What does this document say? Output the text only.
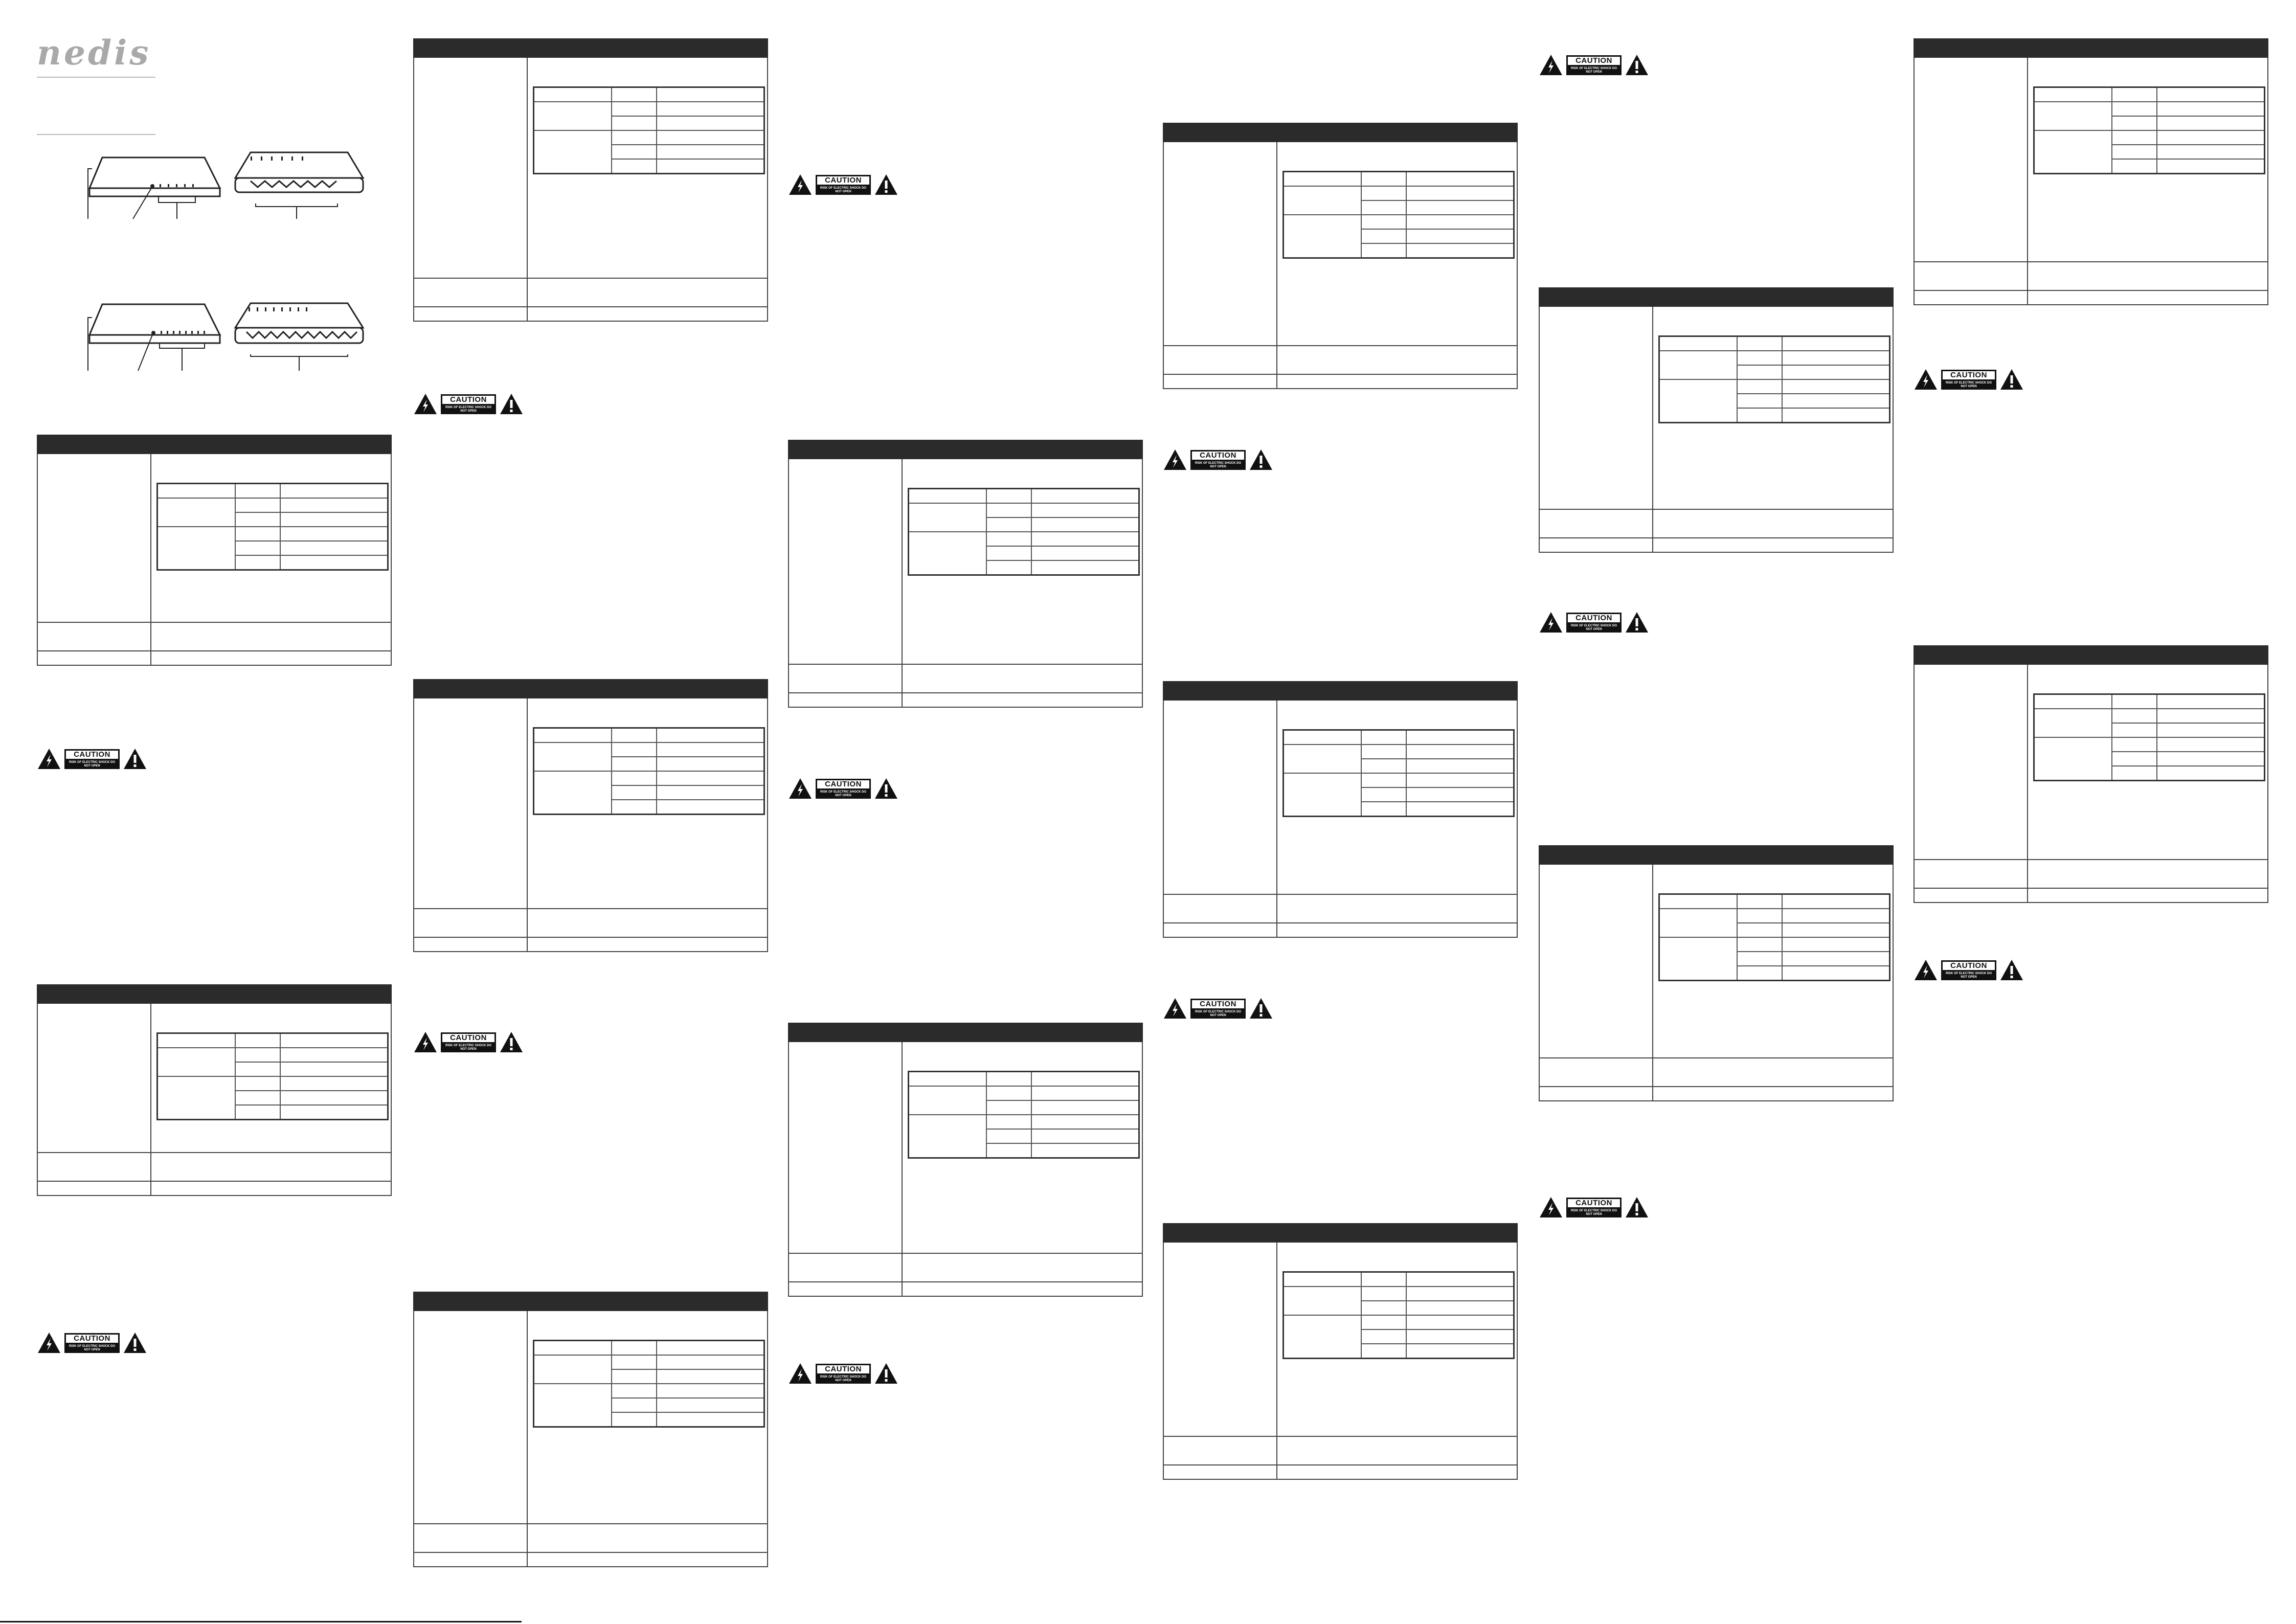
nedis

CAUTION
RISK OF ELECTRIC SHOCK DO NOT OPEN
CAUTION
RISK OF ELECTRIC SHOCK DO NOT OPEN
CAUTION
RISK OF ELECTRIC SHOCK DO NOT OPEN
CAUTION
RISK OF ELECTRIC SHOCK DO NOT OPEN
CAUTION
RISK OF ELECTRIC SHOCK DO NOT OPEN
CAUTION
RISK OF ELECTRIC SHOCK DO NOT OPEN
CAUTION
RISK OF ELECTRIC SHOCK DO NOT OPEN
CAUTION
RISK OF ELECTRIC SHOCK DO NOT OPEN
CAUTION
RISK OF ELECTRIC SHOCK DO NOT OPEN
CAUTION
RISK OF ELECTRIC SHOCK DO NOT OPEN
CAUTION
RISK OF ELECTRIC SHOCK DO NOT OPEN
CAUTION
RISK OF ELECTRIC SHOCK DO NOT OPEN
CAUTION
RISK OF ELECTRIC SHOCK DO NOT OPEN
CAUTION
RISK OF ELECTRIC SHOCK DO NOT OPEN
